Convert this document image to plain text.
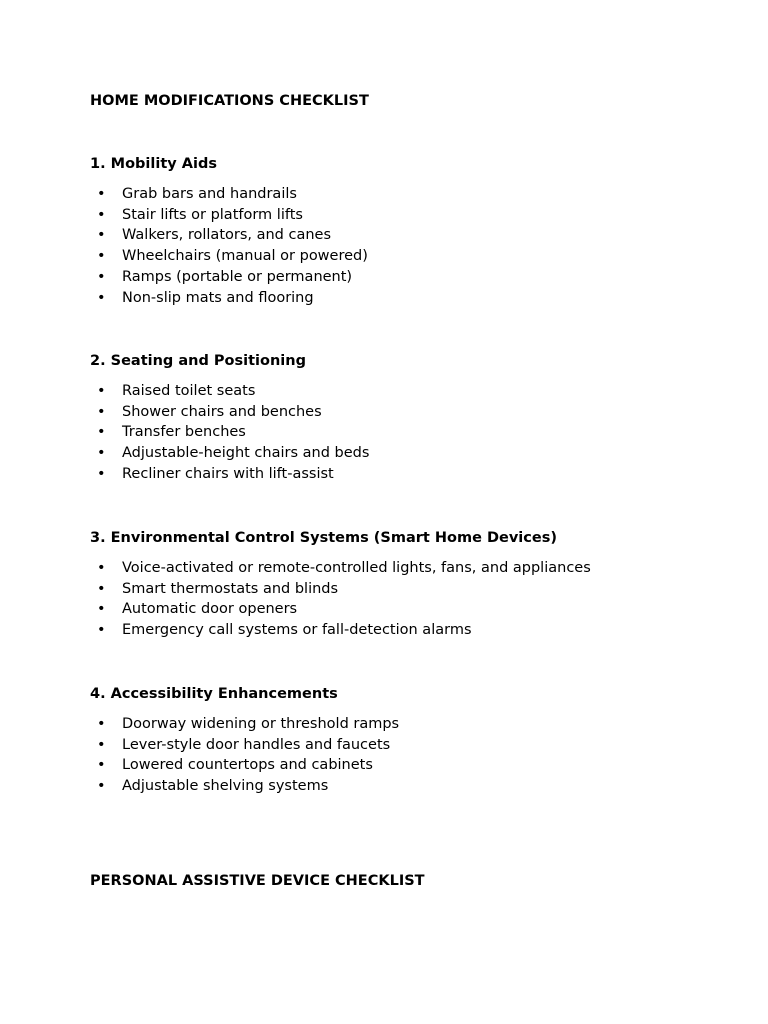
HOME MODIFICATIONS CHECKLIST
1. Mobility Aids
• Grab bars and handrails
• Stair lifts or platform lifts
• Walkers, rollators, and canes
• Wheelchairs (manual or powered)
• Ramps (portable or permanent)
• Non-slip mats and flooring
2. Seating and Positioning
• Raised toilet seats
• Shower chairs and benches
• Transfer benches
• Adjustable-height chairs and beds
• Recliner chairs with lift-assist
3. Environmental Control Systems (Smart Home Devices)
• Voice-activated or remote-controlled lights, fans, and appliances
• Smart thermostats and blinds
• Automatic door openers
• Emergency call systems or fall-detection alarms
4. Accessibility Enhancements
• Doorway widening or threshold ramps
• Lever-style door handles and faucets
• Lowered countertops and cabinets
• Adjustable shelving systems
PERSONAL ASSISTIVE DEVICE CHECKLIST
